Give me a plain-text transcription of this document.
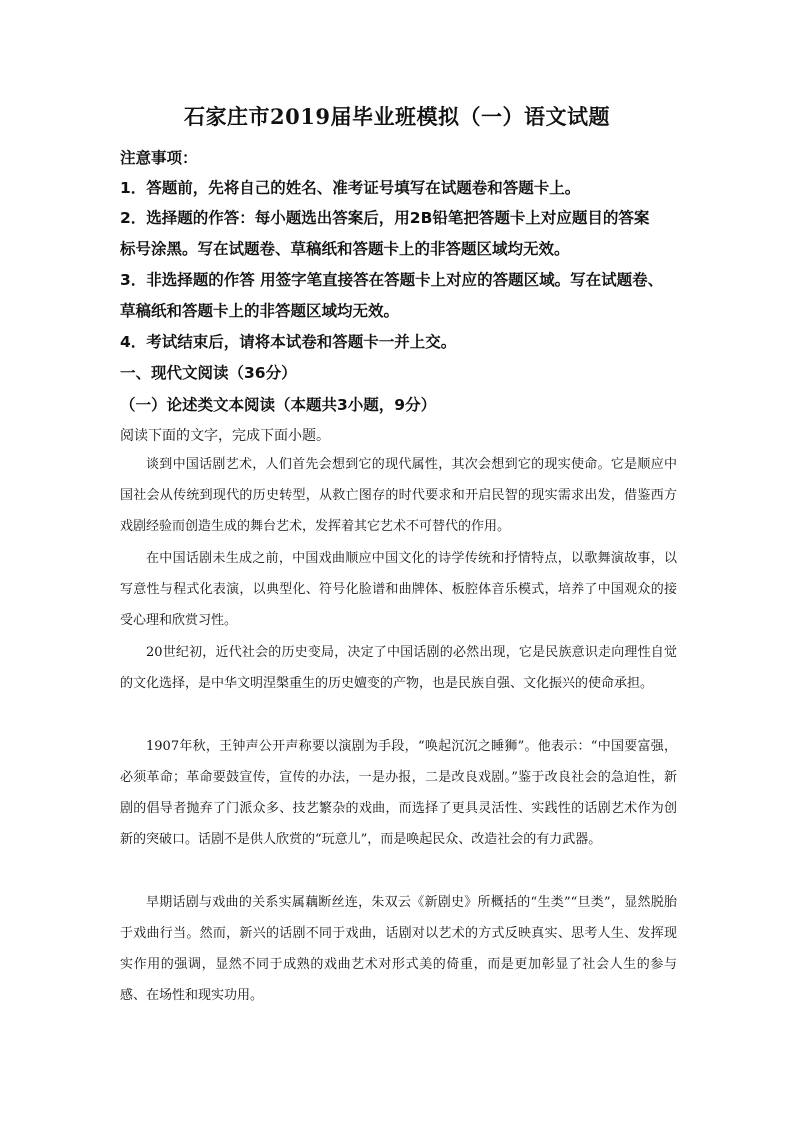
石家庄市2019届毕业班模拟（一）语文试题
注意事项：
1．答题前，先将自己的姓名、准考证号填写在试题卷和答题卡上。
2．选择题的作答：每小题选出答案后，用2B铅笔把答题卡上对应题目的答案
标号涂黑。写在试题卷、草稿纸和答题卡上的非答题区域均无效。
3．非选择题的作答 用签字笔直接答在答题卡上对应的答题区域。写在试题卷、
草稿纸和答题卡上的非答题区域均无效。
4．考试结束后，请将本试卷和答题卡一并上交。
一、现代文阅读（36分）
（一）论述类文本阅读（本题共3小题，9分）
阅读下面的文字，完成下面小题。

谈到中国话剧艺术，人们首先会想到它的现代属性，其次会想到它的现实使命。它是顺应中国社会从传统到现代的历史转型，从救亡图存的时代要求和开启民智的现实需求出发，借鉴西方戏剧经验而创造生成的舞台艺术，发挥着其它艺术不可替代的作用。

在中国话剧未生成之前，中国戏曲顺应中国文化的诗学传统和抒情特点，以歌舞演故事，以写意性与程式化表演，以典型化、符号化脸谱和曲牌体、板腔体音乐模式，培养了中国观众的接受心理和欣赏习性。

20世纪初，近代社会的历史变局，决定了中国话剧的必然出现，它是民族意识走向理性自觉的文化选择，是中华文明涅槃重生的历史嬗变的产物，也是民族自强、文化振兴的使命承担。

1907年秋，王钟声公开声称要以演剧为手段，“唤起沉沉之睡狮”。他表示：“中国要富强，必须革命；革命要鼓宣传，宣传的办法，一是办报，二是改良戏剧。”鉴于改良社会的急迫性，新剧的倡导者抛弃了门派众多、技艺繁杂的戏曲，而选择了更具灵活性、实践性的话剧艺术作为创新的突破口。话剧不是供人欣赏的“玩意儿”，而是唤起民众、改造社会的有力武器。

早期话剧与戏曲的关系实属藕断丝连，朱双云《新剧史》所概括的“生类”“旦类”，显然脱胎于戏曲行当。然而，新兴的话剧不同于戏曲，话剧对以艺术的方式反映真实、思考人生、发挥现实作用的强调，显然不同于成熟的戏曲艺术对形式美的倚重，而是更加彰显了社会人生的参与感、在场性和现实功用。
